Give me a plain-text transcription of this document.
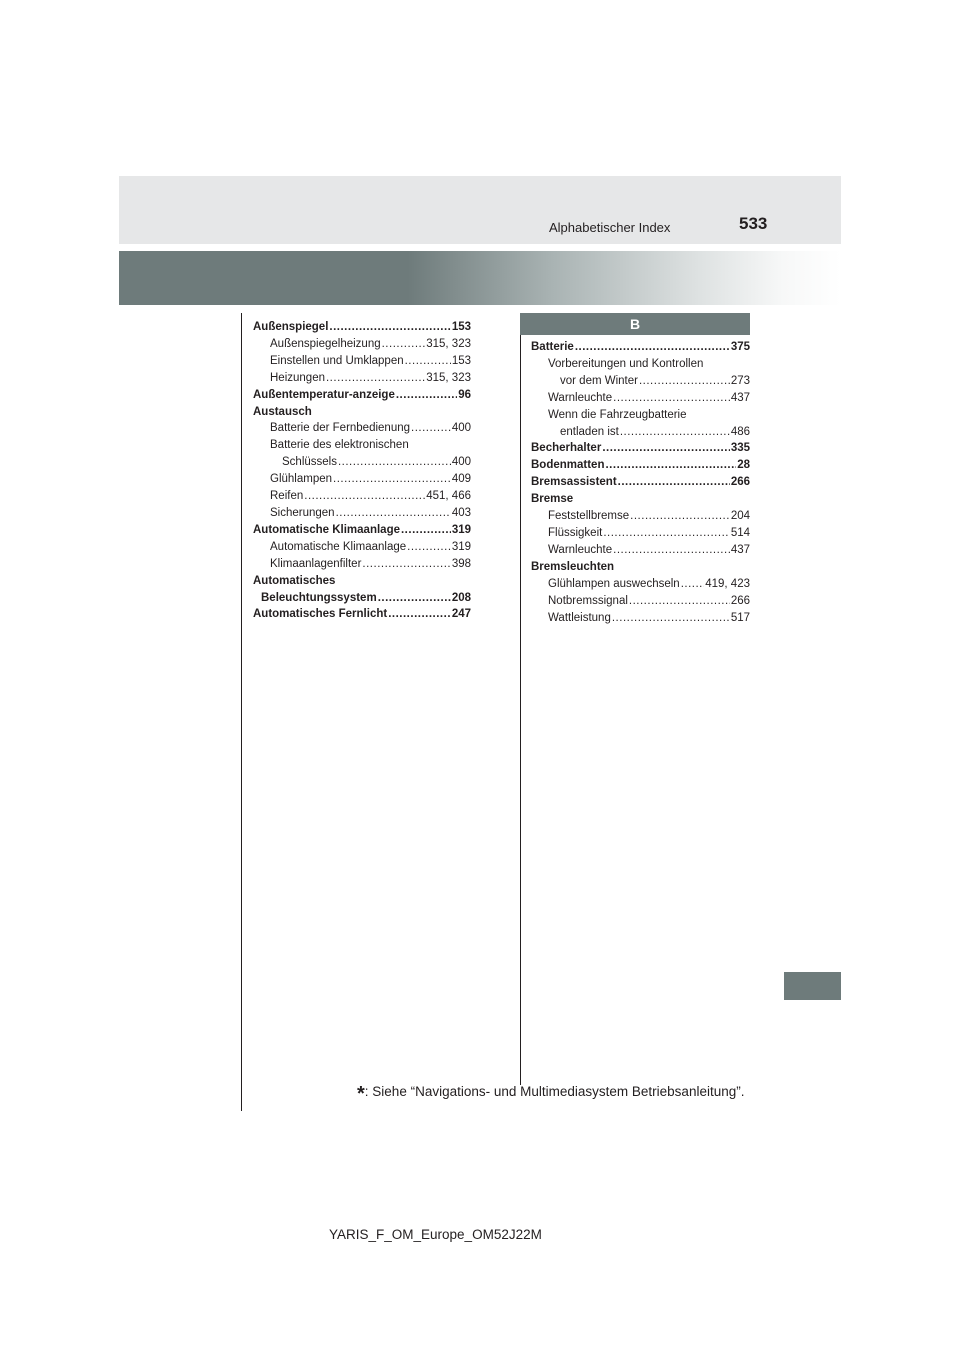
533
Alphabetischer Index
Außenspiegel .....	153
Außenspiegelheizung .....	315, 323
Einstellen und Umklappen .....	153
Heizungen .....	315, 323
Außentemperatur-anzeige .....	96
Austausch
Batterie der Fernbedienung .....	400
Batterie des elektronischen
Schlüssels .....	400
Glühlampen .....	409
Reifen .....	451, 466
Sicherungen .....	403
Automatische Klimaanlage .....	319
Automatische Klimaanlage .....	319
Klimaanlagenfilter .....	398
Automatisches
Beleuchtungssystem .....	208
Automatisches Fernlicht .....	247
B
Batterie .....	375
Vorbereitungen und Kontrollen
vor dem Winter .....	273
Warnleuchte .....	437
Wenn die Fahrzeugbatterie
entladen ist .....	486
Becherhalter .....	335
Bodenmatten .....	28
Bremsassistent .....	266
Bremse
Feststellbremse .....	204
Flüssigkeit .....	514
Warnleuchte .....	437
Bremsleuchten
Glühlampen auswechseln ..... 419, 423
Notbremssignal .....	266
Wattleistung .....	517
*: Siehe “Navigations- und Multimediasystem Betriebsanleitung”.
YARIS_F_OM_Europe_OM52J22M
